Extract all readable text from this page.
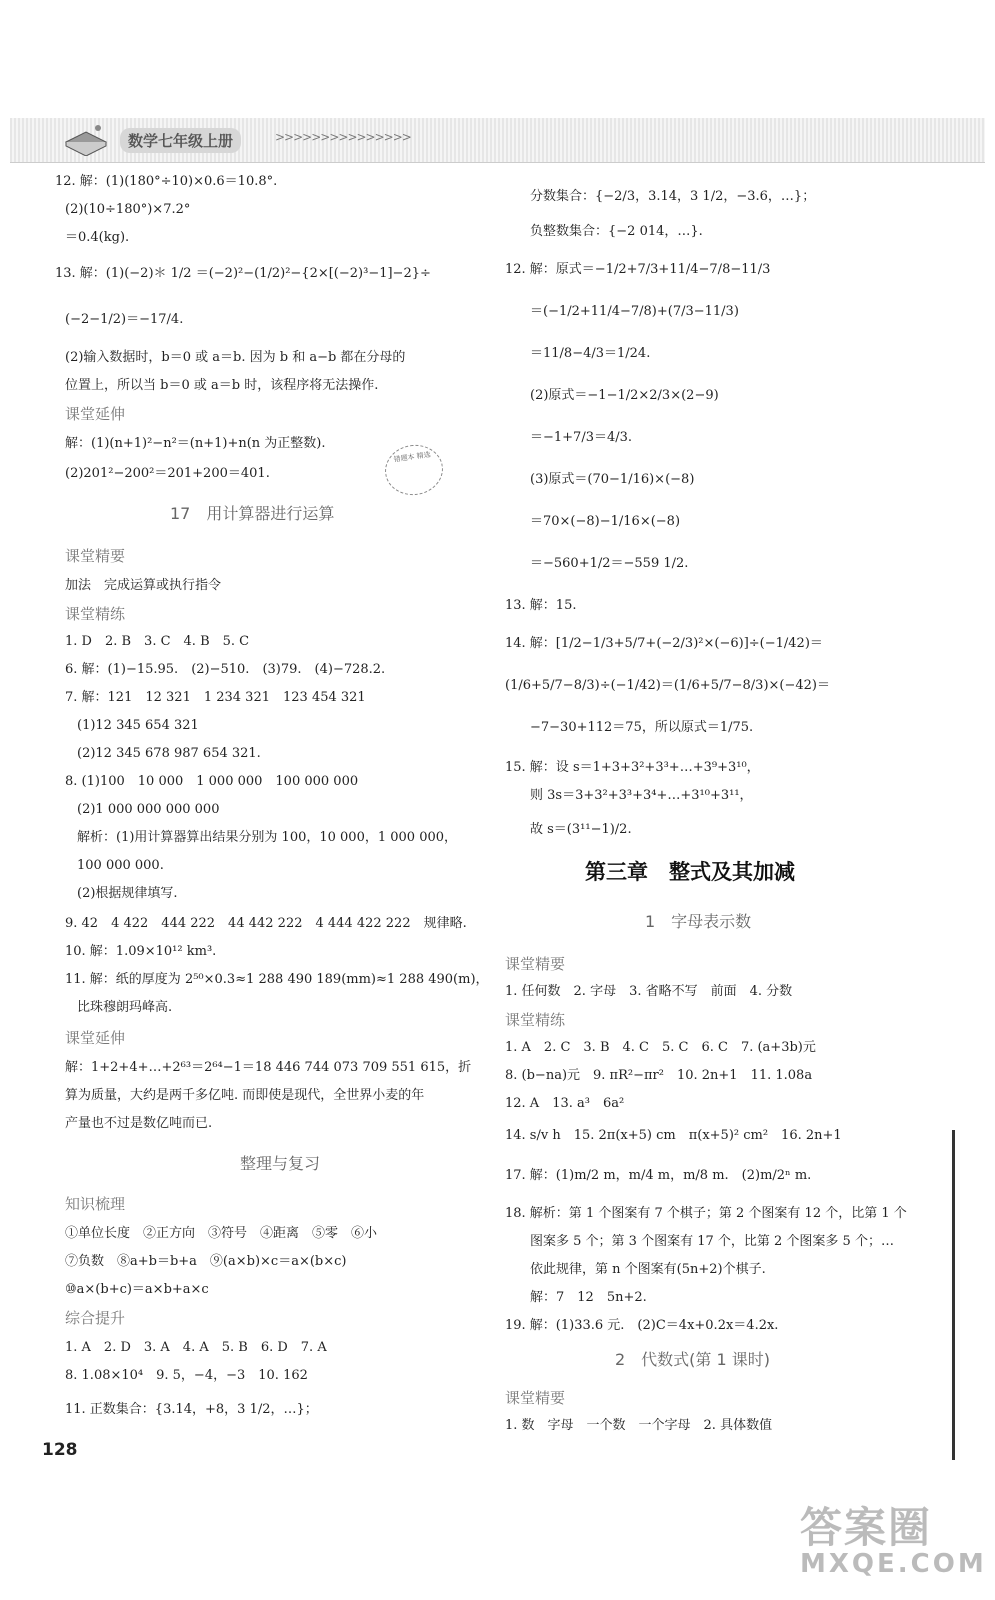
数学七年级上册	>>>>>>>>>>>>>>>
12. 解：(1)(180°÷10)×0.6＝10.8°.
(2)(10÷180°)×7.2°
＝0.4(kg).
13. 解：(1)(−2)＊ 1/2 ＝(−2)²−(1/2)²−{2×[(−2)³−1]−2}÷
(−2−1/2)＝−17/4.
(2)输入数据时，b＝0 或 a＝b. 因为 b 和 a−b 都在分母的
位置上，所以当 b＝0 或 a＝b 时，该程序将无法操作.
课堂延伸
解：(1)(n+1)²−n²＝(n+1)+n(n 为正整数).
(2)201²−200²＝201+200＝401.
17　用计算器进行运算
课堂精要
加法　完成运算或执行指令
课堂精练
1. D　2. B　3. C　4. B　5. C
6. 解：(1)−15.95.　(2)−510.　(3)79.　(4)−728.2.
7. 解：121　12 321　1 234 321　123 454 321
(1)12 345 654 321
(2)12 345 678 987 654 321.
8. (1)100　10 000　1 000 000　100 000 000
(2)1 000 000 000 000
解析：(1)用计算器算出结果分别为 100，10 000，1 000 000，
100 000 000.
(2)根据规律填写.
9. 42　4 422　444 222　44 442 222　4 444 422 222　规律略.
10. 解：1.09×10¹² km³.
11. 解：纸的厚度为 2⁵⁰×0.3≈1 288 490 189(mm)≈1 288 490(m)，
比珠穆朗玛峰高.
课堂延伸
解：1+2+4+…+2⁶³＝2⁶⁴−1＝18 446 744 073 709 551 615，折
算为质量，大约是两千多亿吨. 而即使是现代，全世界小麦的年
产量也不过是数亿吨而已.
整理与复习
知识梳理
①单位长度　②正方向　③符号　④距离　⑤零　⑥小
⑦负数　⑧a+b＝b+a　⑨(a×b)×c＝a×(b×c)
⑩a×(b+c)＝a×b+a×c
综合提升
1. A　2. D　3. A　4. A　5. B　6. D　7. A
8. 1.08×10⁴　9. 5，−4，−3　10. 162
11. 正数集合：{3.14，+8，3 1/2，…}；
分数集合：{−2/3，3.14，3 1/2，−3.6，…}；
负整数集合：{−2 014，…}.
12. 解：原式＝−1/2+7/3+11/4−7/8−11/3
＝(−1/2+11/4−7/8)+(7/3−11/3)
＝11/8−4/3＝1/24.
(2)原式＝−1−1/2×2/3×(2−9)
＝−1+7/3＝4/3.
(3)原式＝(70−1/16)×(−8)
＝70×(−8)−1/16×(−8)
＝−560+1/2＝−559 1/2.
13. 解：15.
14. 解：[1/2−1/3+5/7+(−2/3)²×(−6)]÷(−1/42)＝
(1/6+5/7−8/3)÷(−1/42)＝(1/6+5/7−8/3)×(−42)＝
−7−30+112＝75，所以原式＝1/75.
15. 解：设 s＝1+3+3²+3³+…+3⁹+3¹⁰，
则 3s＝3+3²+3³+3⁴+…+3¹⁰+3¹¹，
故 s＝(3¹¹−1)/2.
第三章　整式及其加减
1　字母表示数
课堂精要
1. 任何数　2. 字母　3. 省略不写　前面　4. 分数
课堂精练
1. A　2. C　3. B　4. C　5. C　6. C　7. (a+3b)元
8. (b−na)元　9. πR²−πr²　10. 2n+1　11. 1.08a
12. A　13. a³　6a²
14. s/v h　15. 2π(x+5) cm　π(x+5)² cm²　16. 2n+1
17. 解：(1)m/2 m，m/4 m，m/8 m.　(2)m/2ⁿ m.
18. 解析：第 1 个图案有 7 个棋子；第 2 个图案有 12 个，比第 1 个
图案多 5 个；第 3 个图案有 17 个，比第 2 个图案多 5 个；…
依此规律，第 n 个图案有(5n+2)个棋子.
解：7　12　5n+2.
19. 解：(1)33.6 元.　(2)C＝4x+0.2x＝4.2x.
2　代数式(第 1 课时)
课堂精要
1. 数　字母　一个数　一个字母　2. 具体数值
错题本 精选
128
答案圈
MXQE.COM
